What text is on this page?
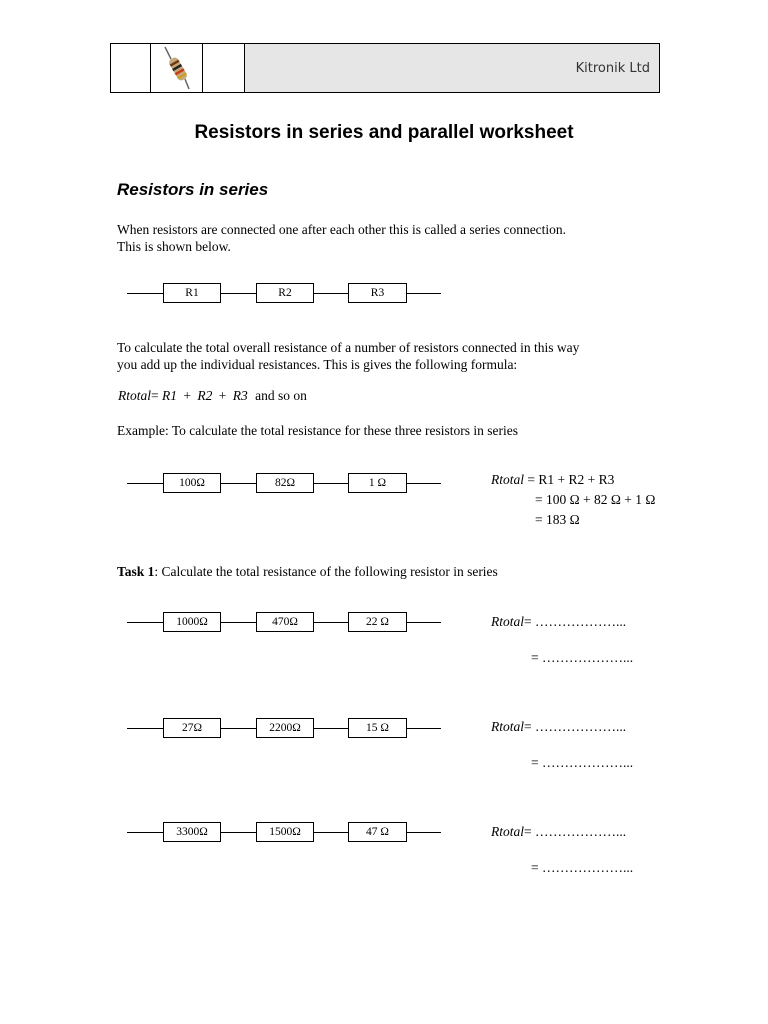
Kitronik Ltd
Resistors in series and parallel worksheet
Resistors in series
When resistors are connected one after each other this is called a series connection.
This is shown below.
R1	R2	R3
To calculate the total overall resistance of a number of resistors connected in this way
you add up the individual resistances. This is gives the following formula:
Rtotal= R1 + R2 + R3 and so on
Example: To calculate the total resistance for these three resistors in series
100Ω	82Ω	1 Ω	Rtotal = R1 + R2 + R3
= 100 Ω + 82 Ω + 1 Ω
= 183 Ω
Task 1: Calculate the total resistance of the following resistor in series
1000Ω	470Ω	22 Ω	Rtotal= ………………...
= ………………...
27Ω	2200Ω	15 Ω	Rtotal= ………………...
= ………………...
3300Ω	1500Ω	47 Ω	Rtotal= ………………...
= ………………...
